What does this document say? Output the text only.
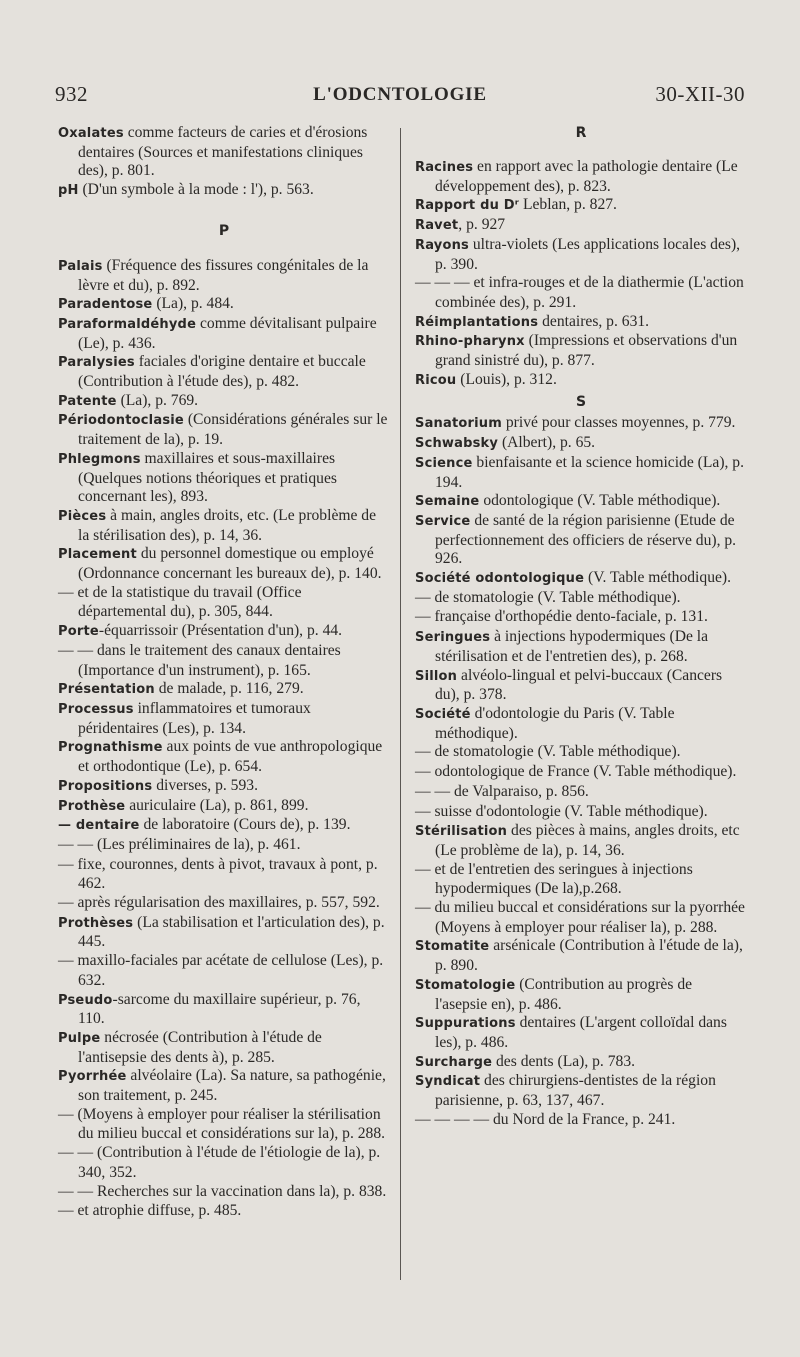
932	L'ODCNTOLOGIE	30-XII-30

Oxalates comme facteurs de caries et d'érosions dentaires (Sources et manifestations cliniques des), p. 801.

pH (D'un symbole à la mode : l'), p. 563.

P

Palais (Fréquence des fissures congénitales de la lèvre et du), p. 892.

Paradentose (La), p. 484.

Paraformaldéhyde comme dévitalisant pulpaire (Le), p. 436.

Paralysies faciales d'origine dentaire et buccale (Contribution à l'étude des), p. 482.

Patente (La), p. 769.

Périodontoclasie (Considérations générales sur le traitement de la), p. 19.

Phlegmons maxillaires et sous-maxillaires (Quelques notions théoriques et pratiques concernant les), 893.

Pièces à main, angles droits, etc. (Le problème de la stérilisation des), p. 14, 36.

Placement du personnel domestique ou employé (Ordonnance concernant les bureaux de), p. 140.

— et de la statistique du travail (Office départemental du), p. 305, 844.

Porte-équarrissoir (Présentation d'un), p. 44.

— — dans le traitement des canaux dentaires (Importance d'un instrument), p. 165.

Présentation de malade, p. 116, 279.

Processus inflammatoires et tumoraux péridentaires (Les), p. 134.

Prognathisme aux points de vue anthropologique et orthodontique (Le), p. 654.

Propositions diverses, p. 593.

Prothèse auriculaire (La), p. 861, 899.

— dentaire de laboratoire (Cours de), p. 139.

— — (Les préliminaires de la), p. 461.

— fixe, couronnes, dents à pivot, travaux à pont, p. 462.

— après régularisation des maxillaires, p. 557, 592.

Prothèses (La stabilisation et l'articulation des), p. 445.

— maxillo-faciales par acétate de cellulose (Les), p. 632.

Pseudo-sarcome du maxillaire supérieur, p. 76, 110.

Pulpe nécrosée (Contribution à l'étude de l'antisepsie des dents à), p. 285.

Pyorrhée alvéolaire (La). Sa nature, sa pathogénie, son traitement, p. 245.

— (Moyens à employer pour réaliser la stérilisation du milieu buccal et considérations sur la), p. 288.

— — (Contribution à l'étude de l'étiologie de la), p. 340, 352.

— — Recherches sur la vaccination dans la), p. 838.

— et atrophie diffuse, p. 485.

R

Racines en rapport avec la pathologie dentaire (Le développement des), p. 823.

Rapport du Dʳ Leblan, p. 827.

Ravet, p. 927

Rayons ultra-violets (Les applications locales des), p. 390.

— — — et infra-rouges et de la diathermie (L'action combinée des), p. 291.

Réimplantations dentaires, p. 631.

Rhino-pharynx (Impressions et observations d'un grand sinistré du), p. 877.

Ricou (Louis), p. 312.

S

Sanatorium privé pour classes moyennes, p. 779.

Schwabsky (Albert), p. 65.

Science bienfaisante et la science homicide (La), p. 194.

Semaine odontologique (V. Table méthodique).

Service de santé de la région parisienne (Etude de perfectionnement des officiers de réserve du), p. 926.

Société odontologique (V. Table méthodique).

— de stomatologie (V. Table méthodique).

— française d'orthopédie dento-faciale, p. 131.

Seringues à injections hypodermiques (De la stérilisation et de l'entretien des), p. 268.

Sillon alvéolo-lingual et pelvi-buccaux (Cancers du), p. 378.

Société d'odontologie du Paris (V. Table méthodique).

— de stomatologie (V. Table méthodique).

— odontologique de France (V. Table méthodique).

— — de Valparaiso, p. 856.

— suisse d'odontologie (V. Table méthodique).

Stérilisation des pièces à mains, angles droits, etc (Le problème de la), p. 14, 36.

— et de l'entretien des seringues à injections hypodermiques (De la),p.268.

— du milieu buccal et considérations sur la pyorrhée (Moyens à employer pour réaliser la), p. 288.

Stomatite arsénicale (Contribution à l'étude de la), p. 890.

Stomatologie (Contribution au progrès de l'asepsie en), p. 486.

Suppurations dentaires (L'argent colloïdal dans les), p. 486.

Surcharge des dents (La), p. 783.

Syndicat des chirurgiens-dentistes de la région parisienne, p. 63, 137, 467.

— — — — du Nord de la France, p. 241.
